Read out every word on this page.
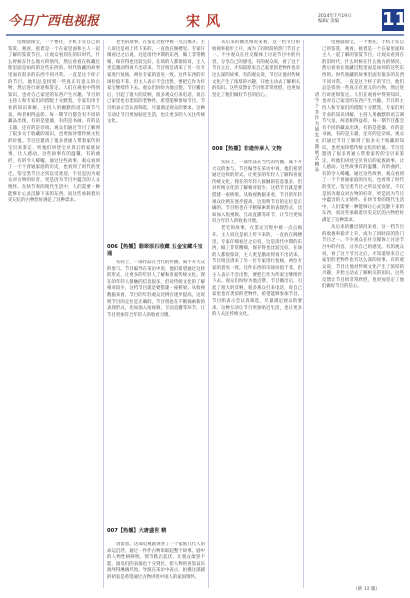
今日广西电视报	宋风	2024年7月19日
编辑/ 美编	11

电视剧国宝，一个委托，手机丰实自己的鉴赏，观看。接着是一个在家里面和主人一起了解的鉴赏节目，让观众看到在的旧时代，什么时候在什么地方的情况，然后看看在收藏过程里面是如何的这些东西的。时代收藏的故事里面有很多的东西不同寻常。一直是这个样子的节目，他们总是找到一些真正有意义的古物，然后进行讲述和鉴定。人们在观看中得到知识，也对自己家里的东西产生兴趣。节目的主持人和专家们的搭配十分默契，专家们用专业的知识讲解，主持人用幽默的语言调节气氛，两者相得益彰。每一期节目都会有不同的藏品出现，有的是瓷器，有的是书画，有的是玉器，还有的是杂项。观众们通过节目了解到了很多关于收藏的知识，也更加珍惜传统文化的价值。节目还邀请了很多普通人带着家传的宝贝来鉴定，听他们讲述宝贝背后的家族故事，让人感动。这些故事有的温馨，有的曲折，有的令人唏嘘。通过这些故事，观众看到了一个个普通家庭的历史，也看到了时代的变迁。鉴宝类节目之所以受欢迎，不仅是因为观众对古物的好奇，更是因为节目中蕴含的人文情怀。在快节奏的现代生活中，人们需要一种能够让心灵沉静下来的东西，而这些承载着历史记忆的古物恰好满足了这种需求。

老宅的故事，在鉴定过程中被一点点揭开。主人说这是祖上传下来的，一直放在阁楼里。专家仔细看过之后说，这是清代中期的东西，做工非常精细，保存得也比较完好。在场的人都很惊讶，主人更是激动得说不出话来。节目组还请来了另一位专家进行复核，两位专家的意见一致。这件东西的市场价值不菲，但主人表示不会出售，要把它作为传家宝继续传下去。观众们纷纷为他点赞。节目播出后，引起了很大的反响，很多观众打来电话，说自己家里也有类似的老物件，希望能够参加节目。节目组表示会认真筛选，尽量满足观众的要求。这种互动让节目更加贴近生活，也让更多的人关注传统文化。

006【热播】翡翠原石收藏 五金宝藏斗宝 通

实际上，一部作品在当代的传播，离不开大众的参与。节目编导在采访中说，他们希望通过这样的形式，让更多的年轻人了解和喜爱传统文化。现在的年轻人接触的信息很多，但对传统文化的了解相对较少，这档节目就是要搭建一座桥梁。从收视数据来看，节目的年轻观众比例在逐步提高，这说明节目的定位是正确的。节目组也在不断探索新的表现形式，比如加入短视频、互动直播等环节，让节目更加符合年轻人的收看习惯。

007【热播】大唐盛世 精

请留意。这部电视剧讲述了一个家族几代人的命运沉浮，通过一件件古物串联起整个故事。剧中的人物性格鲜明，情节跌宕起伏，让观众欲罢不能。演员们的表演也十分到位，把人物的喜怒哀乐演绎得淋漓尽致。导演在采访中表示，拍摄这部剧的初衷是希望通过古物讲述中国人的家国情怀。

从后来的播出情况来看，这一档节目的收视率稳步上升，成为了同时段的热门节目之一。不少观众在社交媒体上讨论节目中的内容，分享自己的感受。有的观众说，看了这个节目之后，才知道原来自己家里的老物件也有这么深的故事。有的观众说，节目让他对传统文化产生了浓厚的兴趣，开始主动去了解相关的知识。这些反馈让节目组非常欣慰，也更加坚定了他们做好节目的信心。

008【热播】非遗传承人 文物

实际上，一部作品在当代的传播，离不开大众的参与。节目编导在采访中说，他们希望通过这样的形式，让更多的年轻人了解和喜爱传统文化。现在的年轻人接触的信息很多，但对传统文化的了解相对较少，这档节目就是要搭建一座桥梁。从收视数据来看，节目的年轻观众比例在逐步提高，这说明节目的定位是正确的。节目组也在不断探索新的表现形式，比如加入短视频、互动直播等环节，让节目更加符合年轻人的收看习惯。

老宅的故事，在鉴定过程中被一点点揭开。主人说这是祖上传下来的，一直放在阁楼里。专家仔细看过之后说，这是清代中期的东西，做工非常精细，保存得也比较完好。在场的人都很惊讶，主人更是激动得说不出话来。节目组还请来了另一位专家进行复核，两位专家的意见一致。这件东西的市场价值不菲，但主人表示不会出售，要把它作为传家宝继续传下去。观众们纷纷为他点赞。节目播出后，引起了很大的反响，很多观众打来电话，说自己家里也有类似的老物件，希望能够参加节目。节目组表示会认真筛选，尽量满足观众的要求。这种互动让节目更加贴近生活，也让更多的人关注传统文化。

请 令 个 多 作 为 通 发 文 题 展 式 精 品

电视剧国宝，一个委托，手机丰实自己的鉴赏，观看。接着是一个在家里面和主人一起了解的鉴赏节目，让观众看到在的旧时代，什么时候在什么地方的情况，然后看看在收藏过程里面是如何的这些东西的。时代收藏的故事里面有很多的东西不同寻常。一直是这个样子的节目，他们总是找到一些真正有意义的古物，然后进行讲述和鉴定。人们在观看中得到知识，也对自己家里的东西产生兴趣。节目的主持人和专家们的搭配十分默契，专家们用专业的知识讲解，主持人用幽默的语言调节气氛，两者相得益彰。每一期节目都会有不同的藏品出现，有的是瓷器，有的是书画，有的是玉器，还有的是杂项。观众们通过节目了解到了很多关于收藏的知识，也更加珍惜传统文化的价值。节目还邀请了很多普通人带着家传的宝贝来鉴定，听他们讲述宝贝背后的家族故事，让人感动。这些故事有的温馨，有的曲折，有的令人唏嘘。通过这些故事，观众看到了一个个普通家庭的历史，也看到了时代的变迁。鉴宝类节目之所以受欢迎，不仅是因为观众对古物的好奇，更是因为节目中蕴含的人文情怀。在快节奏的现代生活中，人们需要一种能够让心灵沉静下来的东西，而这些承载着历史记忆的古物恰好满足了这种需求。

从后来的播出情况来看，这一档节目的收视率稳步上升，成为了同时段的热门节目之一。不少观众在社交媒体上讨论节目中的内容，分享自己的感受。有的观众说，看了这个节目之后，才知道原来自己家里的老物件也有这么深的故事。有的观众说，节目让他对传统文化产生了浓厚的兴趣，开始主动去了解相关的知识。这些反馈让节目组非常欣慰，也更加坚定了他们做好节目的信心。

（转 12 版）
